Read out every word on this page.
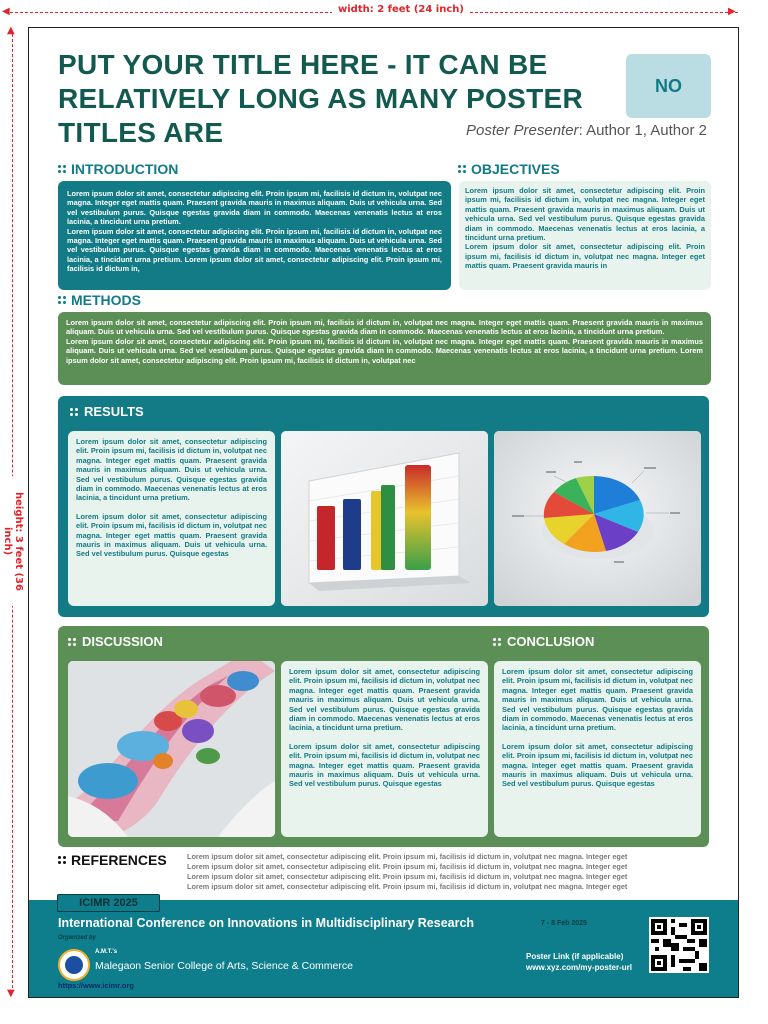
◀	▶
width: 2 feet (24 inch)
▲
▼
height: 3 feet (36 inch)
PUT YOUR TITLE HERE - IT CAN BE RELATIVELY LONG AS MANY POSTER TITLES ARE
NO
Poster Presenter: Author 1, Author 2
INTRODUCTION

Lorem ipsum dolor sit amet, consectetur adipiscing elit. Proin ipsum mi, facilisis id dictum in, volutpat nec magna. Integer eget mattis quam. Praesent gravida mauris in maximus aliquam. Duis ut vehicula urna. Sed vel vestibulum purus. Quisque egestas gravida diam in commodo. Maecenas venenatis lectus at eros lacinia, a tincidunt urna pretium.

Lorem ipsum dolor sit amet, consectetur adipiscing elit. Proin ipsum mi, facilisis id dictum in, volutpat nec magna. Integer eget mattis quam. Praesent gravida mauris in maximus aliquam. Duis ut vehicula urna. Sed vel vestibulum purus. Quisque egestas gravida diam in commodo. Maecenas venenatis lectus at eros lacinia, a tincidunt urna pretium. Lorem ipsum dolor sit amet, consectetur adipiscing elit. Proin ipsum mi, facilisis id dictum in,

OBJECTIVES

Lorem ipsum dolor sit amet, consectetur adipiscing elit. Proin ipsum mi, facilisis id dictum in, volutpat nec magna. Integer eget mattis quam. Praesent gravida mauris in maximus aliquam. Duis ut vehicula urna. Sed vel vestibulum purus. Quisque egestas gravida diam in commodo. Maecenas venenatis lectus at eros lacinia, a tincidunt urna pretium.

Lorem ipsum dolor sit amet, consectetur adipiscing elit. Proin ipsum mi, facilisis id dictum in, volutpat nec magna. Integer eget mattis quam. Praesent gravida mauris in

METHODS

Lorem ipsum dolor sit amet, consectetur adipiscing elit. Proin ipsum mi, facilisis id dictum in, volutpat nec magna. Integer eget mattis quam. Praesent gravida mauris in maximus aliquam. Duis ut vehicula urna. Sed vel vestibulum purus. Quisque egestas gravida diam in commodo. Maecenas venenatis lectus at eros lacinia, a tincidunt urna pretium.

Lorem ipsum dolor sit amet, consectetur adipiscing elit. Proin ipsum mi, facilisis id dictum in, volutpat nec magna. Integer eget mattis quam. Praesent gravida mauris in maximus aliquam. Duis ut vehicula urna. Sed vel vestibulum purus. Quisque egestas gravida diam in commodo. Maecenas venenatis lectus at eros lacinia, a tincidunt urna pretium. Lorem ipsum dolor sit amet, consectetur adipiscing elit. Proin ipsum mi, facilisis id dictum in, volutpat nec

RESULTS

Lorem ipsum dolor sit amet, consectetur adipiscing elit. Proin ipsum mi, facilisis id dictum in, volutpat nec magna. Integer eget mattis quam. Praesent gravida mauris in maximus aliquam. Duis ut vehicula urna. Sed vel vestibulum purus. Quisque egestas gravida diam in commodo. Maecenas venenatis lectus at eros lacinia, a tincidunt urna pretium.

Lorem ipsum dolor sit amet, consectetur adipiscing elit. Proin ipsum mi, facilisis id dictum in, volutpat nec magna. Integer eget mattis quam. Praesent gravida mauris in maximus aliquam. Duis ut vehicula urna. Sed vel vestibulum purus. Quisque egestas

DISCUSSION	CONCLUSION

Lorem ipsum dolor sit amet, consectetur adipiscing elit. Proin ipsum mi, facilisis id dictum in, volutpat nec magna. Integer eget mattis quam. Praesent gravida mauris in maximus aliquam. Duis ut vehicula urna. Sed vel vestibulum purus. Quisque egestas gravida diam in commodo. Maecenas venenatis lectus at eros lacinia, a tincidunt urna pretium.

Lorem ipsum dolor sit amet, consectetur adipiscing elit. Proin ipsum mi, facilisis id dictum in, volutpat nec magna. Integer eget mattis quam. Praesent gravida mauris in maximus aliquam. Duis ut vehicula urna. Sed vel vestibulum purus. Quisque egestas

Lorem ipsum dolor sit amet, consectetur adipiscing elit. Proin ipsum mi, facilisis id dictum in, volutpat nec magna. Integer eget mattis quam. Praesent gravida mauris in maximus aliquam. Duis ut vehicula urna. Sed vel vestibulum purus. Quisque egestas gravida diam in commodo. Maecenas venenatis lectus at eros lacinia, a tincidunt urna pretium.

Lorem ipsum dolor sit amet, consectetur adipiscing elit. Proin ipsum mi, facilisis id dictum in, volutpat nec magna. Integer eget mattis quam. Praesent gravida mauris in maximus aliquam. Duis ut vehicula urna. Sed vel vestibulum purus. Quisque egestas

REFERENCES	Lorem ipsum dolor sit amet, consectetur adipiscing elit. Proin ipsum mi, facilisis id dictum in, volutpat nec magna. Integer eget
Lorem ipsum dolor sit amet, consectetur adipiscing elit. Proin ipsum mi, facilisis id dictum in, volutpat nec magna. Integer eget
Lorem ipsum dolor sit amet, consectetur adipiscing elit. Proin ipsum mi, facilisis id dictum in, volutpat nec magna. Integer eget
Lorem ipsum dolor sit amet, consectetur adipiscing elit. Proin ipsum mi, facilisis id dictum in, volutpat nec magna. Integer eget
International Conference on Innovations in Multidisciplinary Research	7 - 8 Feb 2025
Organized by
A.M.T.'s
Malegaon Senior College of Arts, Science & Commerce
https://www.icimr.org
Poster Link (if applicable)
www.xyz.com/my-poster-url
ICIMR 2025
